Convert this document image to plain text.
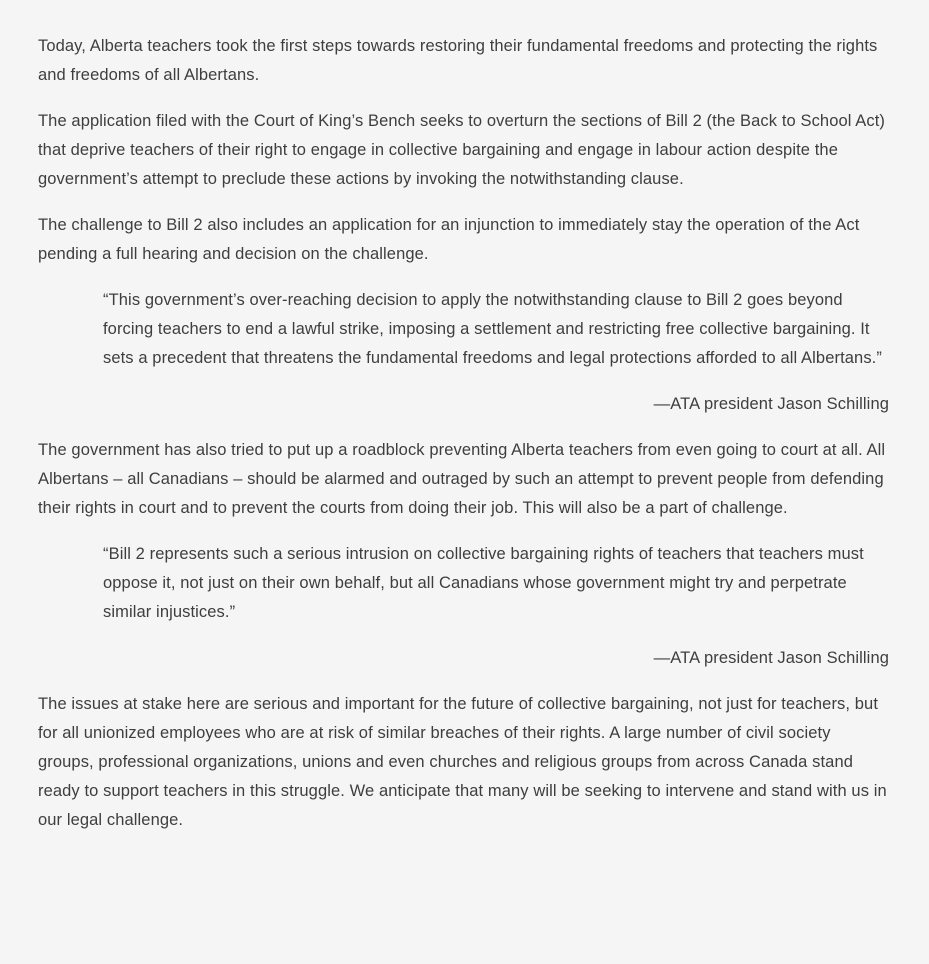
Today, Alberta teachers took the first steps towards restoring their fundamental freedoms and protecting the rights and freedoms of all Albertans.

The application filed with the Court of King’s Bench seeks to overturn the sections of Bill 2 (the Back to School Act) that deprive teachers of their right to engage in collective bargaining and engage in labour action despite the government’s attempt to preclude these actions by invoking the notwithstanding clause.

The challenge to Bill 2 also includes an application for an injunction to immediately stay the operation of the Act pending a full hearing and decision on the challenge.

“This government’s over-reaching decision to apply the notwithstanding clause to Bill 2 goes beyond forcing teachers to end a lawful strike, imposing a settlement and restricting free collective bargaining. It sets a precedent that threatens the fundamental freedoms and legal protections afforded to all Albertans.”

—ATA president Jason Schilling

The government has also tried to put up a roadblock preventing Alberta teachers from even going to court at all. All Albertans – all Canadians – should be alarmed and outraged by such an attempt to prevent people from defending their rights in court and to prevent the courts from doing their job. This will also be a part of challenge.

“Bill 2 represents such a serious intrusion on collective bargaining rights of teachers that teachers must oppose it, not just on their own behalf, but all Canadians whose government might try and perpetrate similar injustices.”

—ATA president Jason Schilling

The issues at stake here are serious and important for the future of collective bargaining, not just for teachers, but for all unionized employees who are at risk of similar breaches of their rights. A large number of civil society groups, professional organizations, unions and even churches and religious groups from across Canada stand ready to support teachers in this struggle. We anticipate that many will be seeking to intervene and stand with us in our legal challenge.
